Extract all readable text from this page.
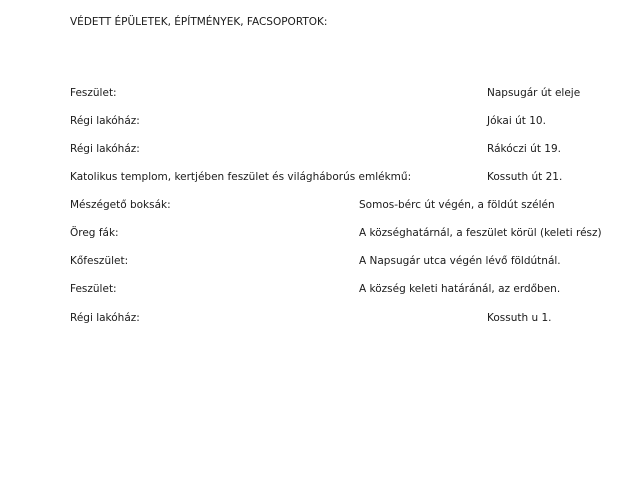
VÉDETT ÉPÜLETEK, ÉPÍTMÉNYEK, FACSOPORTOK:
Feszület:	Napsugár út eleje
Régi lakóház:	Jókai út 10.
Régi lakóház:	Rákóczi út 19.
Katolikus templom, kertjében feszület és világháborús emlékmű:	Kossuth út 21.
Mészégető boksák:	Somos-bérc út végén, a földút szélén
Öreg fák:	A községhatárnál, a feszület körül (keleti rész)
Kőfeszület:	A Napsugár utca végén lévő földútnál.
Feszület:	A község keleti határánál, az erdőben.
Régi lakóház:	Kossuth u 1.
